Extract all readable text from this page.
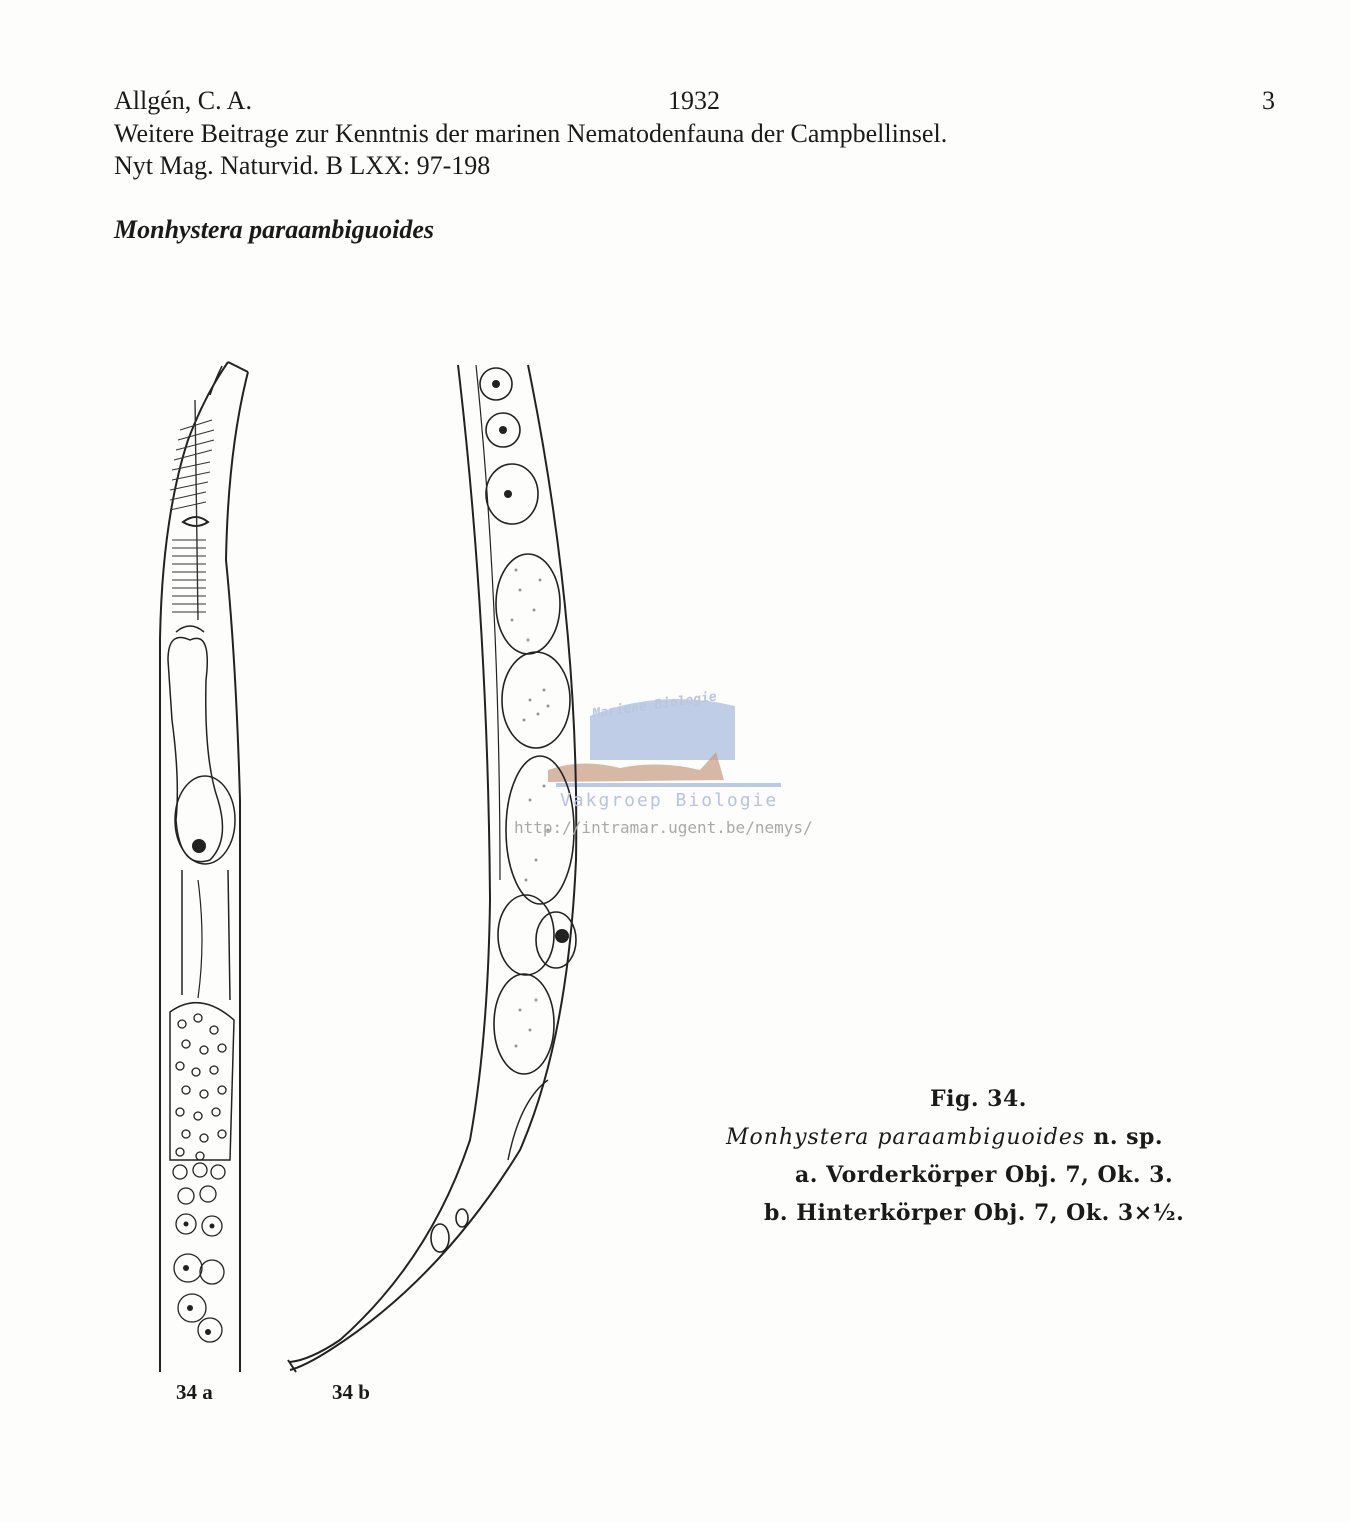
Allgén, C. A.	1932	3
Weitere Beitrage zur Kenntnis der marinen Nematodenfauna der Campbellinsel.
Nyt Mag. Naturvid. B LXX: 97-198
Monhystera paraambiguoides
34 a	34 b
Fig. 34.
Monhystera paraambiguoides n. sp.
a. Vorderkörper Obj. 7, Ok. 3.
b. Hinterkörper Obj. 7, Ok. 3×½.
Mariene Biologie
Vakgroep Biologie
http://intramar.ugent.be/nemys/
